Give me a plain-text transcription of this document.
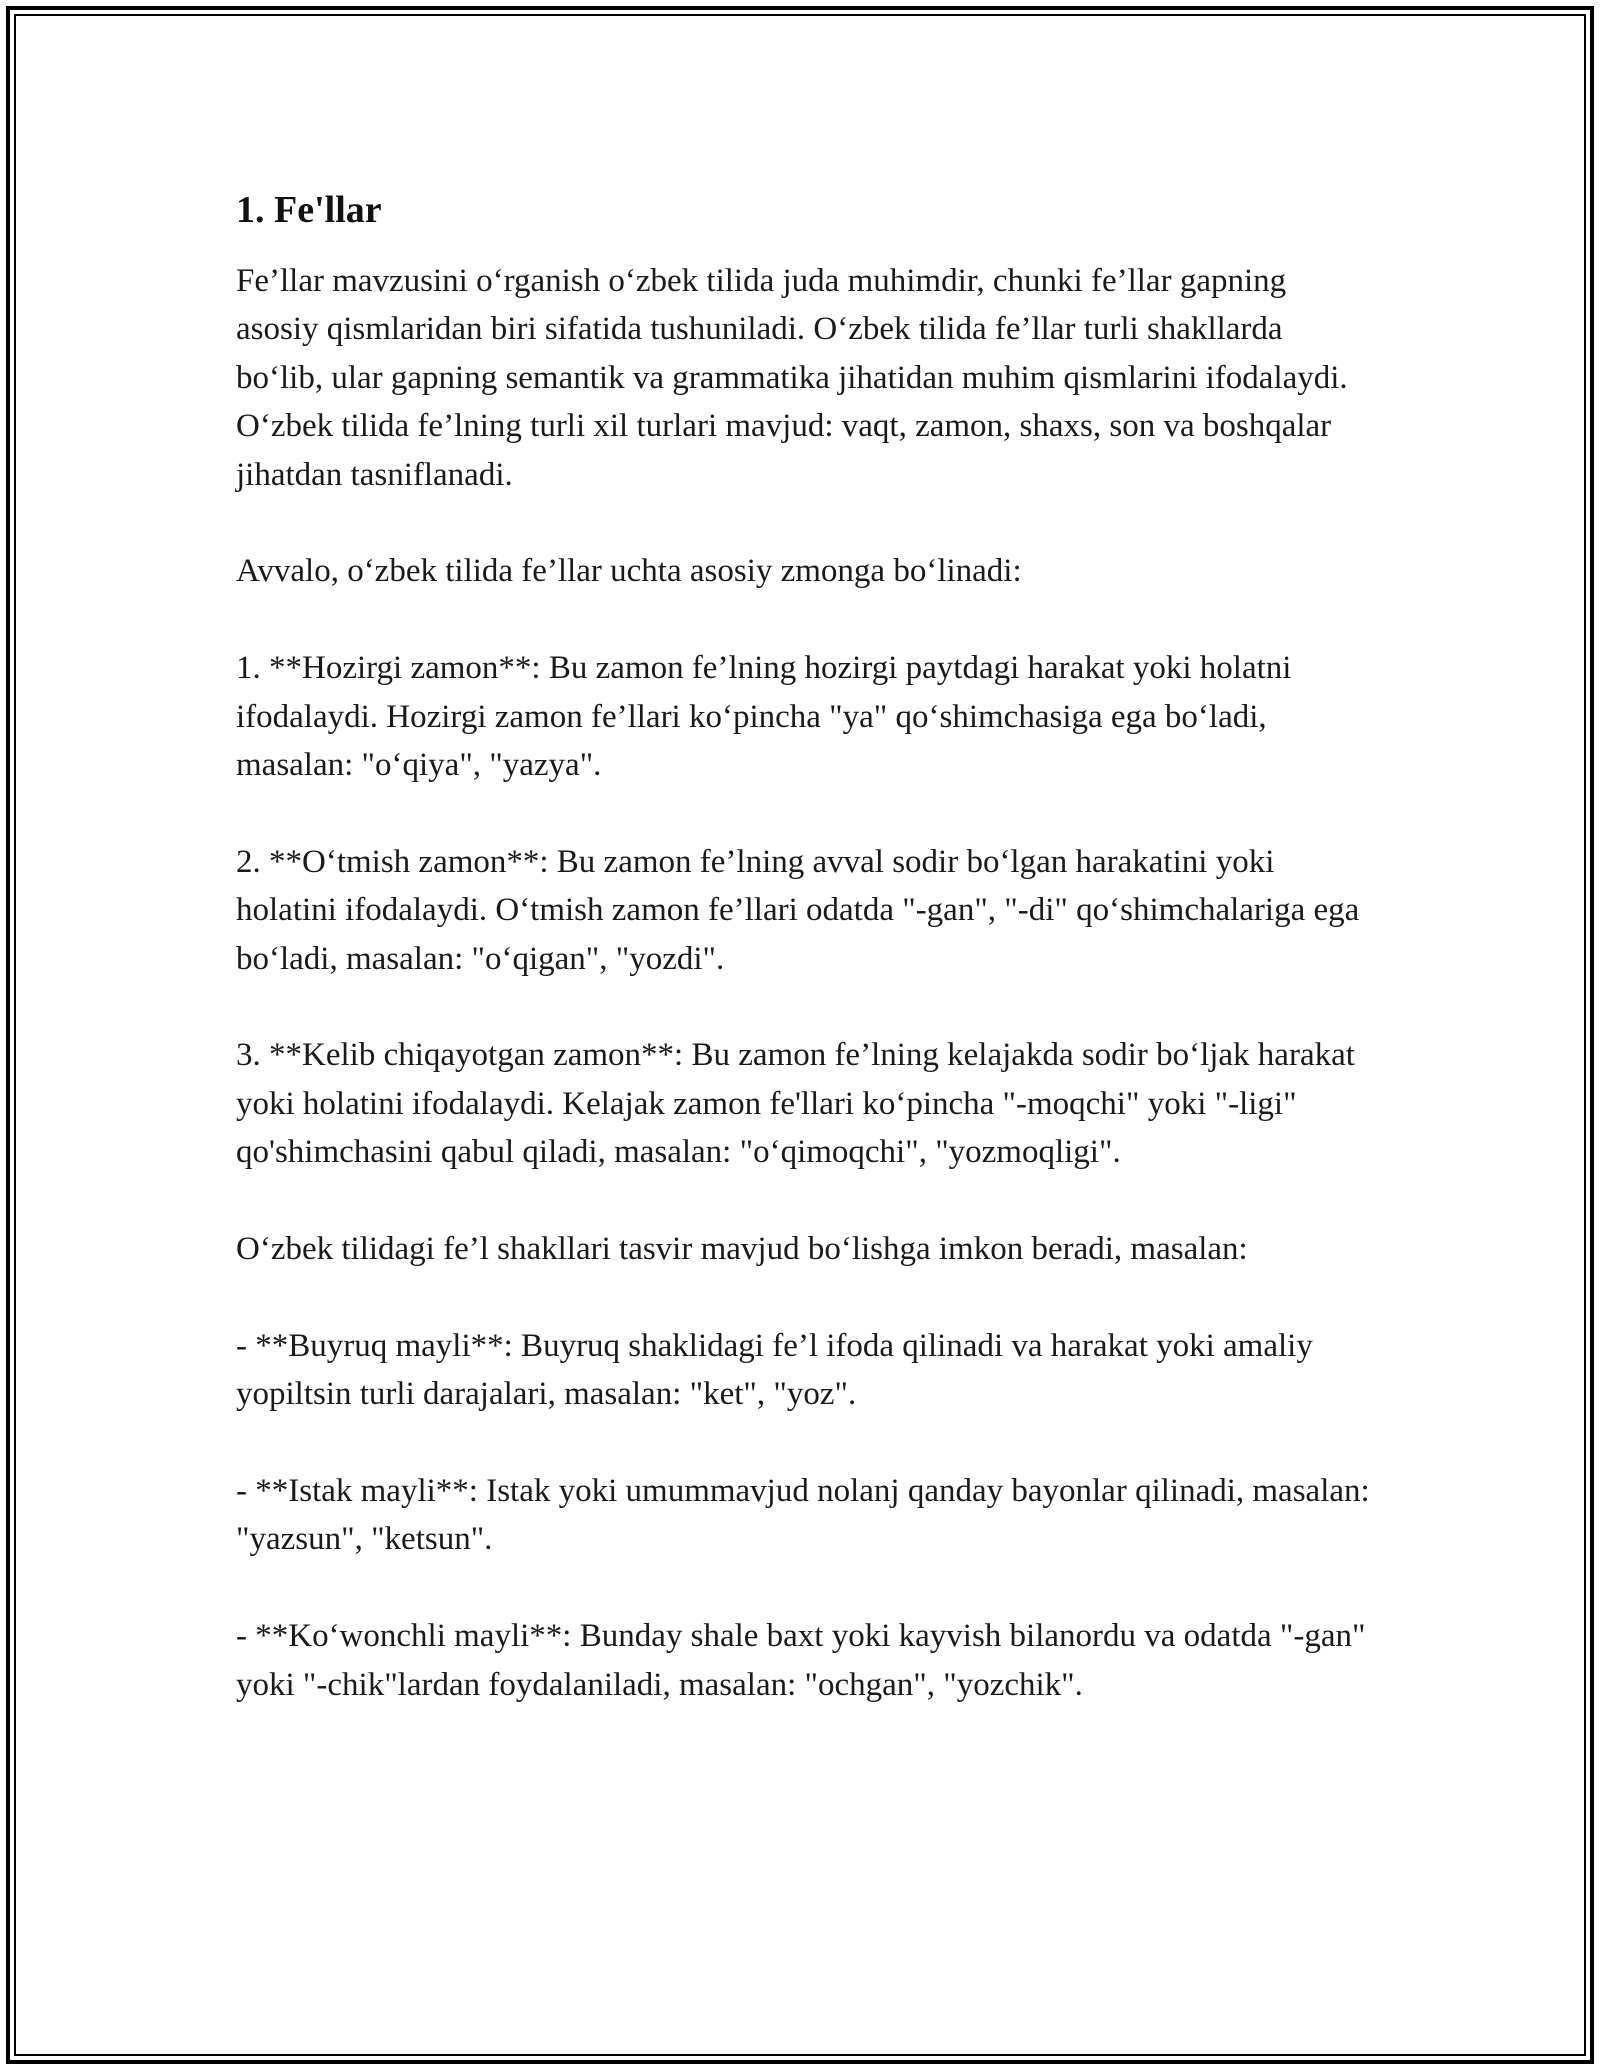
1. Fe'llar

Fe’llar mavzusini o‘rganish o‘zbek tilida juda muhimdir, chunki fe’llar gapning asosiy qismlaridan biri sifatida tushuniladi. O‘zbek tilida fe’llar turli shakllarda bo‘lib, ular gapning semantik va grammatika jihatidan muhim qismlarini ifodalaydi. O‘zbek tilida fe’lning turli xil turlari mavjud: vaqt, zamon, shaxs, son va boshqalar jihatdan tasniflanadi.

Avvalo, o‘zbek tilida fe’llar uchta asosiy zmonga bo‘linadi:

1. **Hozirgi zamon**: Bu zamon fe’lning hozirgi paytdagi harakat yoki holatni ifodalaydi. Hozirgi zamon fe’llari ko‘pincha "ya" qo‘shimchasiga ega bo‘ladi, masalan: "o‘qiya", "yazya".

2. **O‘tmish zamon**: Bu zamon fe’lning avval sodir bo‘lgan harakatini yoki holatini ifodalaydi. O‘tmish zamon fe’llari odatda "-gan", "-di" qo‘shimchalariga ega bo‘ladi, masalan: "o‘qigan", "yozdi".

3. **Kelib chiqayotgan zamon**: Bu zamon fe’lning kelajakda sodir bo‘ljak harakat yoki holatini ifodalaydi. Kelajak zamon fe'llari ko‘pincha "-moqchi" yoki "-ligi" qo'shimchasini qabul qiladi, masalan: "o‘qimoqchi", "yozmoqligi".

O‘zbek tilidagi fe’l shakllari tasvir mavjud bo‘lishga imkon beradi, masalan:

- **Buyruq mayli**: Buyruq shaklidagi fe’l ifoda qilinadi va harakat yoki amaliy yopiltsin turli darajalari, masalan: "ket", "yoz".

- **Istak mayli**: Istak yoki umummavjud nolanj qanday bayonlar qilinadi, masalan: "yazsun", "ketsun".

- **Ko‘wonchli mayli**: Bunday shale baxt yoki kayvish bilanordu va odatda "-gan" yoki "-chik"lardan foydalaniladi, masalan: "ochgan", "yozchik".
